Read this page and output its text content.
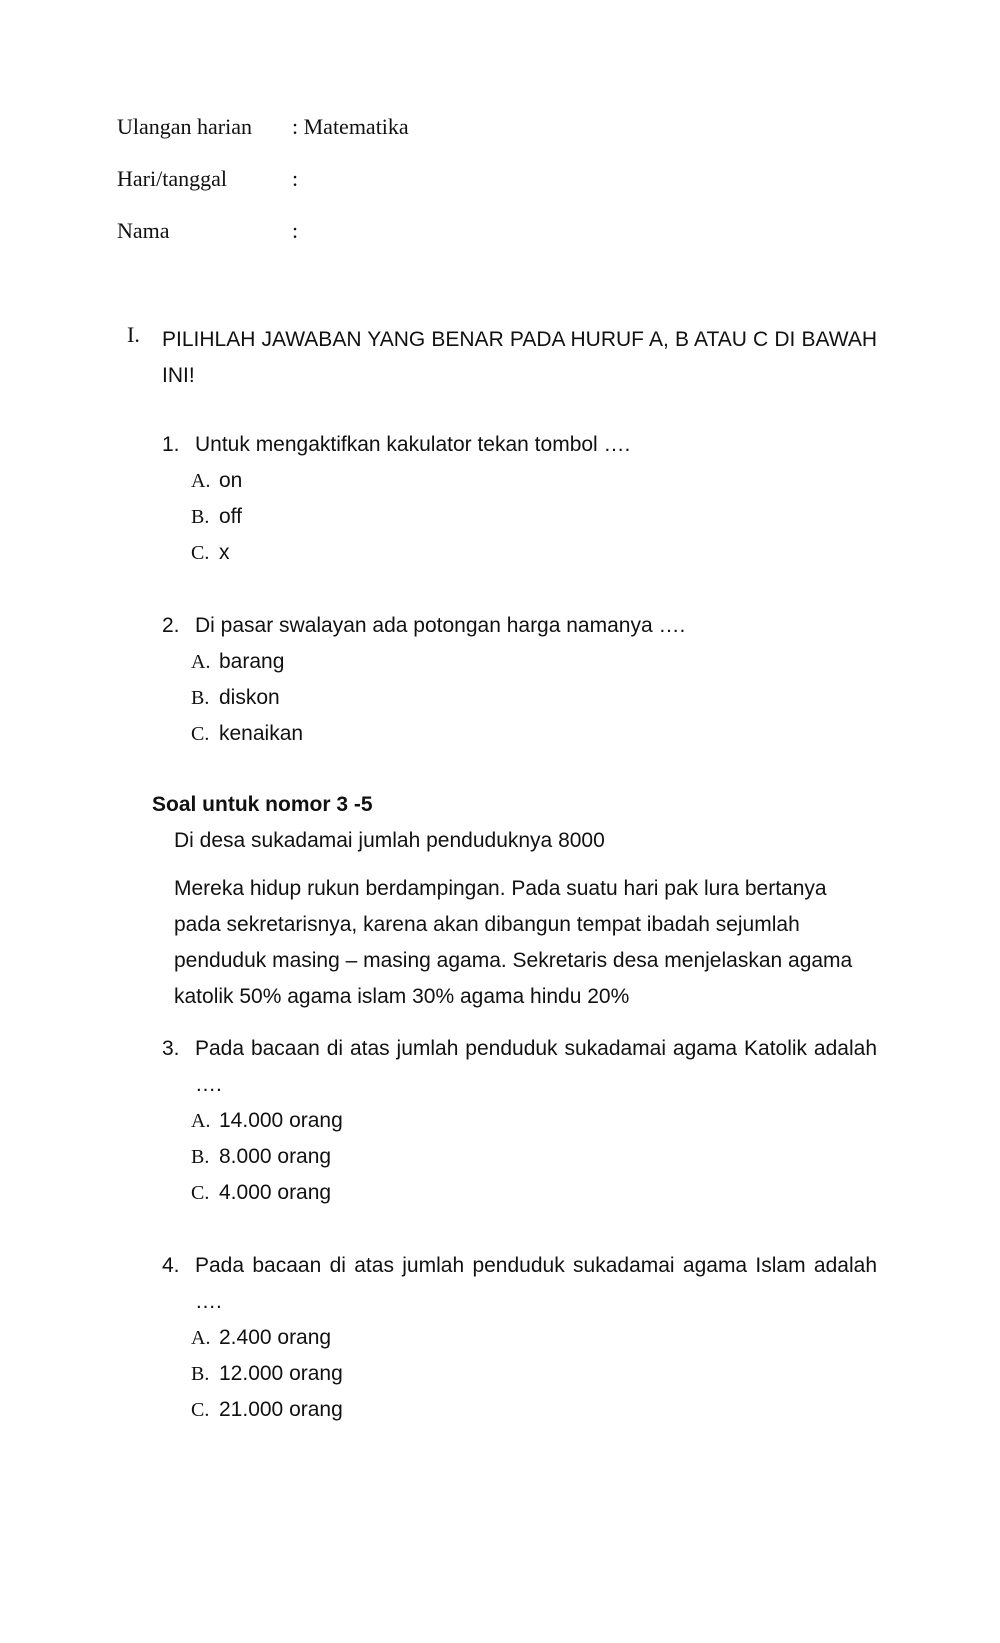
Ulangan harian : Matematika
Hari/tanggal	:
Nama	:
I. PILIHLAH JAWABAN YANG BENAR PADA HURUF A, B ATAU C DI BAWAH INI!
1. Untuk mengaktifkan kakulator tekan tombol ….
A. on
B. off
C. x
2. Di pasar swalayan ada potongan harga namanya ….
A. barang
B. diskon
C. kenaikan
Soal untuk nomor 3 -5
Di desa sukadamai jumlah penduduknya 8000
Mereka hidup rukun berdampingan. Pada suatu hari pak lura bertanya
pada sekretarisnya, karena akan dibangun tempat ibadah sejumlah
penduduk masing – masing agama. Sekretaris desa menjelaskan agama
katolik 50% agama islam 30% agama hindu 20%
3. Pada bacaan di atas jumlah penduduk sukadamai agama Katolik adalah
….
A. 14.000 orang
B. 8.000 orang
C. 4.000 orang
4. Pada bacaan di atas jumlah penduduk sukadamai agama Islam adalah
….
A. 2.400 orang
B. 12.000 orang
C. 21.000 orang
